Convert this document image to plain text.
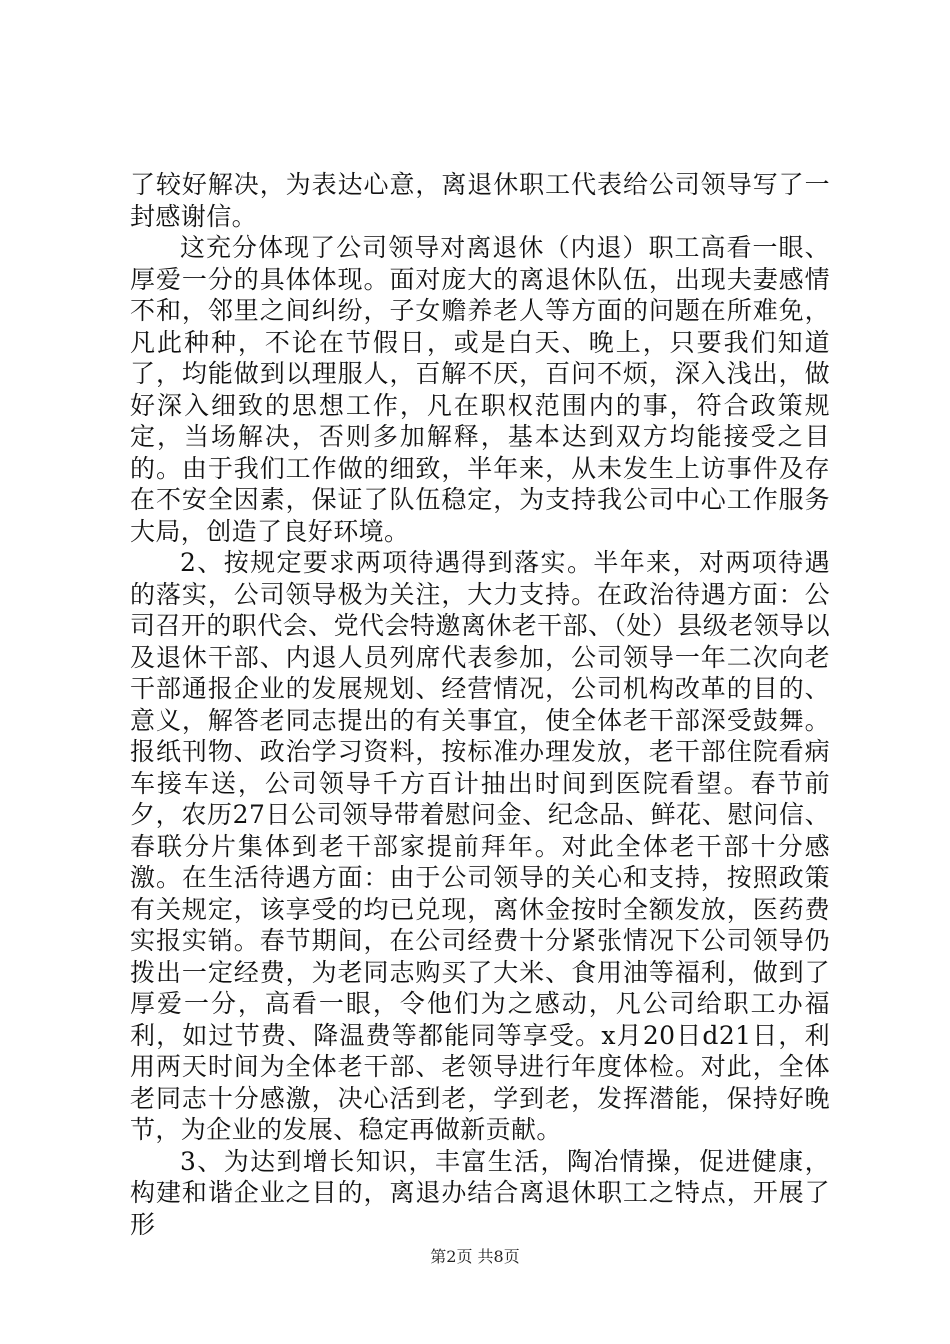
了较好解决，为表达心意，离退休职工代表给公司领导写了一封感谢信。

这充分体现了公司领导对离退休（内退）职工高看一眼、厚爱一分的具体体现。面对庞大的离退休队伍，出现夫妻感情不和，邻里之间纠纷，子女赡养老人等方面的问题在所难免，凡此种种，不论在节假日，或是白天、晚上，只要我们知道了，均能做到以理服人，百解不厌，百问不烦，深入浅出，做好深入细致的思想工作，凡在职权范围内的事，符合政策规定，当场解决，否则多加解释，基本达到双方均能接受之目的。由于我们工作做的细致，半年来，从未发生上访事件及存在不安全因素，保证了队伍稳定，为支持我公司中心工作服务大局，创造了良好环境。

2、按规定要求两项待遇得到落实。半年来，对两项待遇的落实，公司领导极为关注，大力支持。在政治待遇方面：公司召开的职代会、党代会特邀离休老干部、（处）县级老领导以及退休干部、内退人员列席代表参加，公司领导一年二次向老干部通报企业的发展规划、经营情况，公司机构改革的目的、意义，解答老同志提出的有关事宜，使全体老干部深受鼓舞。报纸刊物、政治学习资料，按标准办理发放，老干部住院看病车接车送，公司领导千方百计抽出时间到医院看望。春节前夕，农历27日公司领导带着慰问金、纪念品、鲜花、慰问信、春联分片集体到老干部家提前拜年。对此全体老干部十分感激。在生活待遇方面：由于公司领导的关心和支持，按照政策有关规定，该享受的均已兑现，离休金按时全额发放，医药费实报实销。春节期间，在公司经费十分紧张情况下公司领导仍拨出一定经费，为老同志购买了大米、食用油等福利，做到了厚爱一分，高看一眼，令他们为之感动，凡公司给职工办福利，如过节费、降温费等都能同等享受。x月20日d21日，利用两天时间为全体老干部、老领导进行年度体检。对此，全体老同志十分感激，决心活到老，学到老，发挥潜能，保持好晚节，为企业的发展、稳定再做新贡献。

3、为达到增长知识，丰富生活，陶冶情操，促进健康，构建和谐企业之目的，离退办结合离退休职工之特点，开展了形

第2页 共8页
